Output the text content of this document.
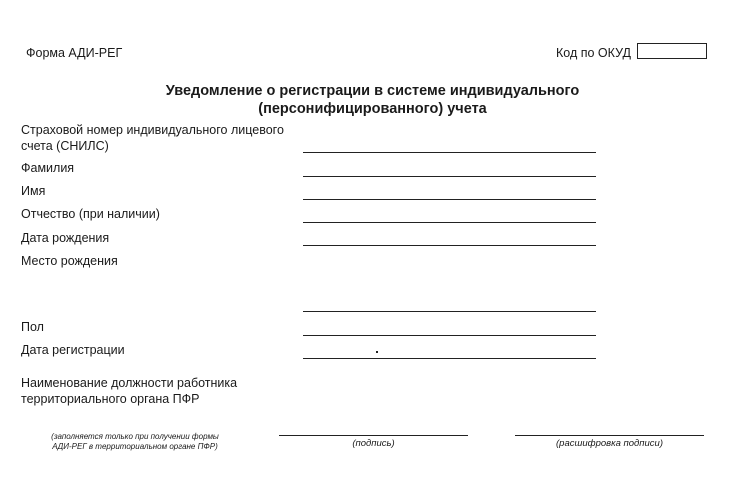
Форма АДИ-РЕГ	Код по ОКУД
Уведомление о регистрации в системе индивидуального
(персонифицированного) учета
Страховой номер индивидуального лицевого
счета (СНИЛС)
Фамилия
Имя
Отчество (при наличии)
Дата рождения
Место рождения
Пол
Дата регистрации
Наименование должности работника
территориального органа ПФР
(заполняется только при получении формы
АДИ-РЕГ в территориальном органе ПФР)	(подпись)	(расшифровка подписи)
